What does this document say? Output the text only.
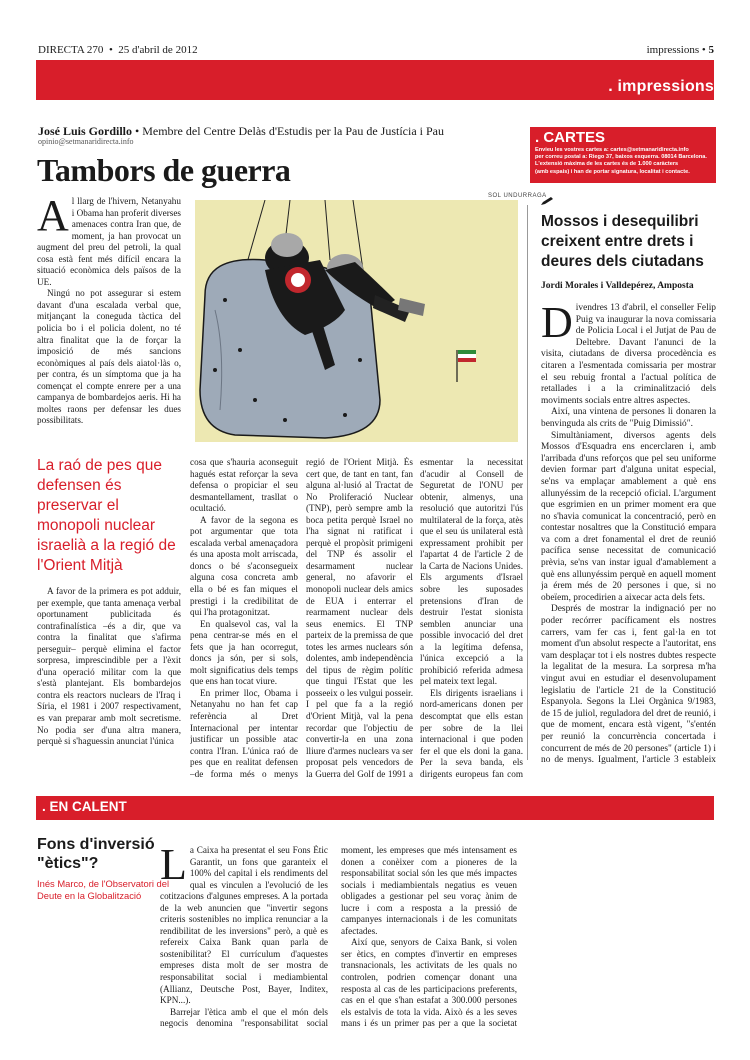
DIRECTA 270 • 25 d'abril de 2012	impressions • 5
. impressions
José Luis Gordillo • Membre del Centre Delàs d'Estudis per la Pau de Justícia i Pau
opinio@setmanaridirecta.info
Tambors de guerra
SOL UNDURRAGA

Al llarg de l'hivern, Netanyahu i Obama han proferit diverses amenaces contra Iran que, de moment, ja han provocat un augment del preu del petroli, la qual cosa està fent més difícil encara la situació econòmica dels països de la UE.

Ningú no pot assegurar si estem davant d'una escalada verbal que, mitjançant la coneguda tàctica del policia bo i el policia dolent, no té altra finalitat que la de forçar la imposició de més sancions econòmiques al país dels aiatol·làs o, per contra, és un símptoma que ja ha començat el compte enrere per a una campanya de bombardejos aeris. Hi ha moltes raons per defensar les dues possibilitats.

La raó de pes que defensen és preservar el monopoli nuclear israelià a la regió de l'Orient Mitjà

A favor de la primera es pot adduir, per exemple, que tanta amenaça verbal oportunament publicitada és contrafinalística –és a dir, que va contra la finalitat que s'afirma perseguir– perquè elimina el factor sorpresa, imprescindible per a l'èxit d'una operació militar com la que s'està plantejant. Els bombardejos contra els reactors nuclears de l'Iraq i Síria, el 1981 i 2007 respectivament, es van preparar amb molt secretisme. No podia ser d'una altra manera, perquè si s'haguessin anunciat l'única

cosa que s'hauria aconseguit hagués estat reforçar la seva defensa o propiciar el seu desmantellament, trasllat o ocultació.

A favor de la segona es pot argumentar que tota escalada verbal amenaçadora és una aposta molt arriscada, doncs o bé s'aconsegueix alguna cosa concreta amb ella o bé es fan miques el prestigi i la credibilitat de qui l'ha protagonitzat.

En qualsevol cas, val la pena centrar-se més en el fets que ja han ocorregut, doncs ja són, per si sols, molt significatius dels temps que ens han tocat viure.

En primer lloc, Obama i Netanyahu no han fet cap referència al Dret Internacional per intentar justificar un possible atac contra l'Iran. L'única raó de pes que en realitat defensen –de forma més o menys

regió de l'Orient Mitjà. És cert que, de tant en tant, fan alguna al·lusió al Tractat de No Proliferació Nuclear (TNP), però sempre amb la boca petita perquè Israel no l'ha signat ni ratificat i perquè el propòsit primigeni del TNP és assolir el desarmament nuclear general, no afavorir el monopoli nuclear dels amics de EUA i enterrar el rearmament nuclear dels seus enemics. El TNP parteix de la premissa de que totes les armes nuclears són dolentes, amb independència del tipus de règim polític que tingui l'Estat que les posseeix o les vulgui posseir. I pel que fa a la regió d'Orient Mitjà, val la pena recordar que l'objectiu de convertir-la en una zona lliure d'armes nuclears va ser proposat pels vencedors de la Guerra del Golf de 1991 a

esmentar la necessitat d'acudir al Consell de Seguretat de l'ONU per obtenir, almenys, una resolució que autoritzi l'ús multilateral de la força, atès que el seu ús unilateral està expressament prohibit per l'apartat 4 de l'article 2 de la Carta de Nacions Unides. Els arguments d'Israel sobre les suposades pretensions d'Iran de destruir l'estat sionista semblen anunciar una possible invocació del dret a la legítima defensa, l'única excepció a la prohibició referida admesa pel mateix text legal.

Els dirigents israelians i nord-americans donen per descomptat que ells estan per sobre de la llei internacional i que poden fer el que els doni la gana. Per la seva banda, els dirigents europeus fan com

. CARTES
Envieu les vostres cartes a: cartes@setmanaridirecta.info
per correu postal a: Riego 37, baixos esquerra. 08014 Barcelona.
L'extensió màxima de les cartes és de 1.000 caràcters
(amb espais) i han de portar signatura, localitat i contacte.
Mossos i desequilibri creixent entre drets i deures dels ciutadans
Jordi Morales i Valldepérez, Amposta

Divendres 13 d'abril, el conseller Felip Puig va inaugurar la nova comissaria de Policia Local i el Jutjat de Pau de Deltebre. Davant l'anunci de la visita, ciutadans de diversa procedència es citaren a l'esmentada comissaria per mostrar el seu rebuig frontal a l'actual política de retallades i a la criminalització dels moviments socials entre altres aspectes.

Així, una vintena de persones li donaren la benvinguda als crits de "Puig Dimissió".

Simultàniament, diversos agents dels Mossos d'Esquadra ens encerclaren i, amb l'arribada d'uns reforços que pel seu uniforme devien formar part d'alguna unitat especial, se'ns va emplaçar amablement a què ens allunyéssim de la recepció oficial. L'argument que esgrimien en un primer moment era que no s'havia comunicat la concentració, però en contestar nosaltres que la Constitució empara va com a dret fonamental el dret de reunió pacífica sense necessitat de comunicació prèvia, se'ns van instar igual d'amablement a què ens allunyéssim perquè en aquell moment ja érem més de 20 persones i que, si no obeïem, procedirien a aixecar acta dels fets.

Després de mostrar la indignació per no poder recórrer pacíficament els nostres carrers, vam fer cas i, fent gal·la en tot moment d'un absolut respecte a l'autoritat, ens vam desplaçar tot i els nostres dubtes respecte la legalitat de la mesura. La sorpresa m'ha vingut avui en estudiar el desenvolupament legislatiu de l'article 21 de la Constitució Espanyola. Segons la Llei Orgànica 9/1983, de 15 de juliol, reguladora del dret de reunió, i que de moment, encara està vigent, "s'entén per reunió la concurrència concertada i concurrent de més de 20 persones" (article 1) i no de menys. Igualment, l'article 3 estableix

. EN CALENT
Fons d'inversió "ètics"?
Inés Marco, de l'Observatori del Deute en la Globalització

La Caixa ha presentat el seu Fons Ètic Garantit, un fons que garanteix el 100% del capital i els rendiments del qual es vinculen a l'evolució de les cotitzacions d'algunes empreses. A la portada de la web anuncien que "invertir segons criteris sostenibles no implica renunciar a la rendibilitat de les inversions" però, a què es refereix Caixa Bank quan parla de sostenibilitat? El currículum d'aquestes empreses dista molt de ser mostra de responsabilitat social i mediambiental (Allianz, Deutsche Post, Bayer, Inditex, KPN...).

Barrejar l'ètica amb el que el món dels negocis denomina "responsabilitat social

moment, les empreses que més intensament es donen a conèixer com a pioneres de la responsabilitat social són les que més impactes socials i mediambientals negatius es veuen obligades a gestionar pel seu voraç ànim de lucre i com a resposta a la pressió de campanyes internacionals i de les comunitats afectades.

Així que, senyors de Caixa Bank, si volen ser ètics, en comptes d'invertir en empreses transnacionals, les activitats de les quals no controlen, podrien començar donant una resposta al cas de les participacions preferents, cas en el que s'han estafat a 300.000 persones els estalvis de tota la vida. Això és a les seves mans i és un primer pas per a que la societat
